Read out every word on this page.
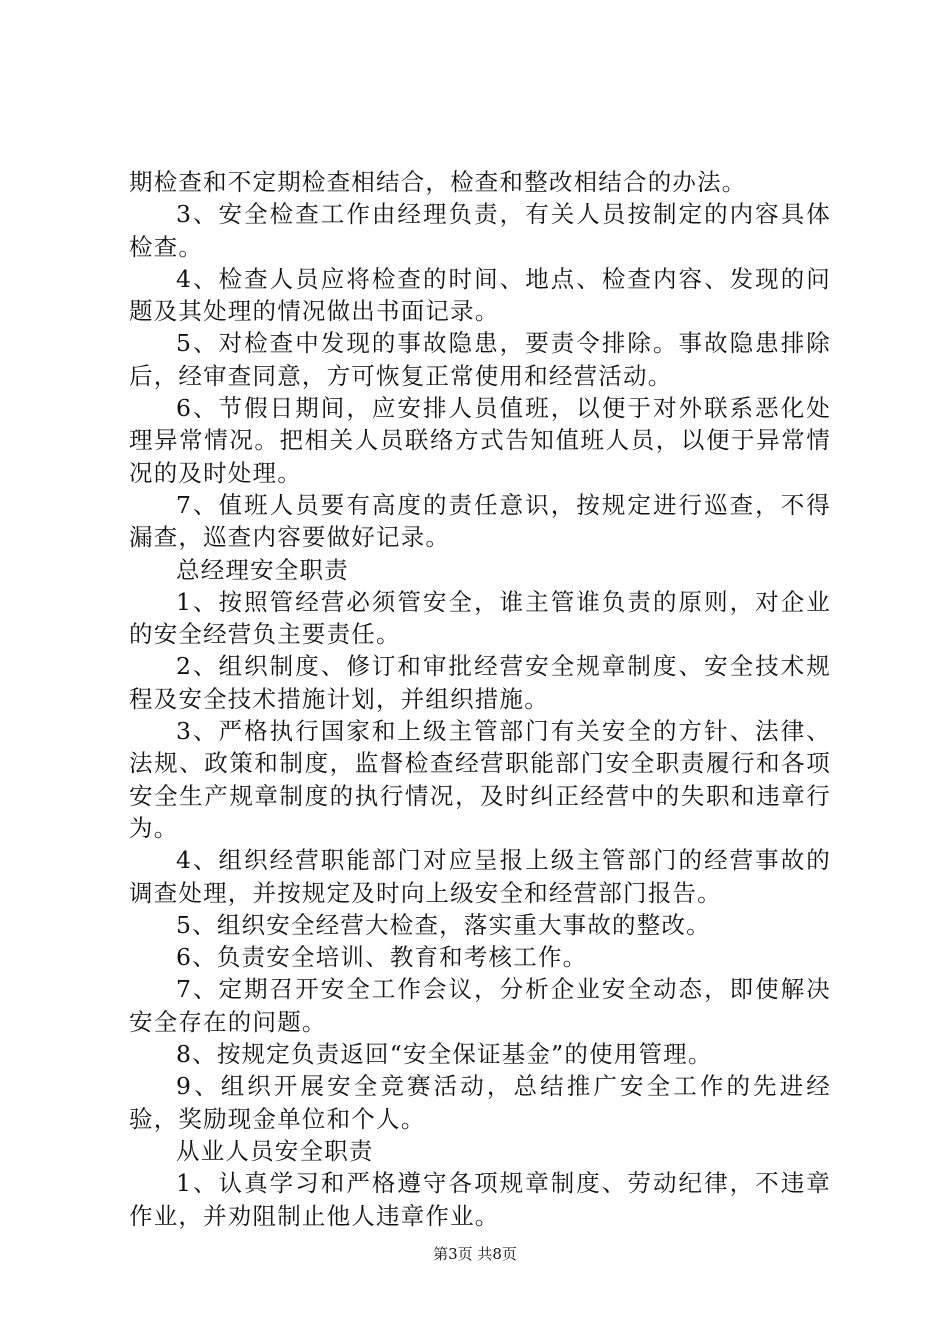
期检查和不定期检查相结合，检查和整改相结合的办法。

3、安全检查工作由经理负责，有关人员按制定的内容具体检查。

4、检查人员应将检查的时间、地点、检查内容、发现的问题及其处理的情况做出书面记录。

5、对检查中发现的事故隐患，要责令排除。事故隐患排除后，经审查同意，方可恢复正常使用和经营活动。

6、节假日期间，应安排人员值班，以便于对外联系恶化处理异常情况。把相关人员联络方式告知值班人员，以便于异常情况的及时处理。

7、值班人员要有高度的责任意识，按规定进行巡查，不得漏查，巡查内容要做好记录。

总经理安全职责

1、按照管经营必须管安全，谁主管谁负责的原则，对企业的安全经营负主要责任。

2、组织制度、修订和审批经营安全规章制度、安全技术规程及安全技术措施计划，并组织措施。

3、严格执行国家和上级主管部门有关安全的方针、法律、法规、政策和制度，监督检查经营职能部门安全职责履行和各项安全生产规章制度的执行情况，及时纠正经营中的失职和违章行为。

4、组织经营职能部门对应呈报上级主管部门的经营事故的调查处理，并按规定及时向上级安全和经营部门报告。

5、组织安全经营大检查，落实重大事故的整改。

6、负责安全培训、教育和考核工作。

7、定期召开安全工作会议，分析企业安全动态，即使解决安全存在的问题。

8、按规定负责返回“安全保证基金”的使用管理。

9、组织开展安全竞赛活动，总结推广安全工作的先进经验，奖励现金单位和个人。

从业人员安全职责

1、认真学习和严格遵守各项规章制度、劳动纪律，不违章作业，并劝阻制止他人违章作业。

第3页 共8页
